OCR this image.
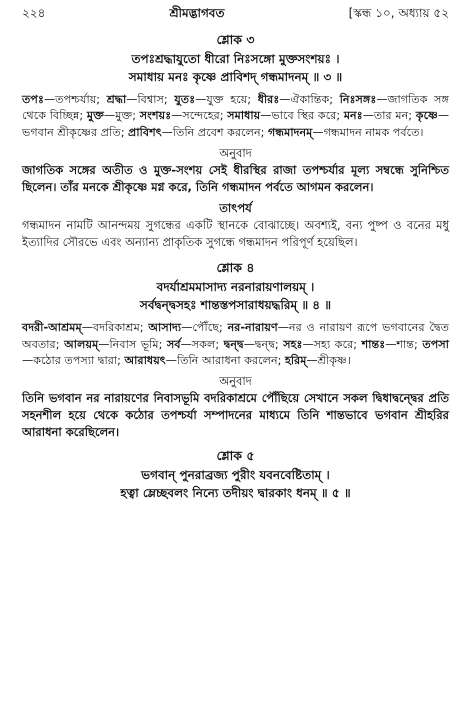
২২৪	শ্রীমদ্ভাগবত	[স্কন্ধ ১০, অধ্যায় ৫২
শ্লোক ৩
তপঃশ্রদ্ধাযুতো ধীরো নিঃসঙ্গো মুক্তসংশয়ঃ ।
সমাধায় মনঃ কৃষ্ণে প্রাবিশদ্ গন্ধমাদনম্ ॥ ৩ ॥
তপঃ—তপশ্চর্যায়; শ্রদ্ধা—বিশ্বাস; যুতঃ—যুক্ত হয়ে; ধীরঃ—ঐকান্তিক; নিঃসঙ্গঃ—জাগতিক সঙ্গ থেকে বিচ্ছিন্ন; মুক্ত—মুক্ত; সংশয়ঃ—সন্দেহের; সমাধায়—ভাবে স্থির করে; মনঃ—তার মন; কৃষ্ণে—ভগবান শ্রীকৃষ্ণের প্রতি; প্রাবিশৎ—তিনি প্রবেশ করলেন; গন্ধমাদনম্—গন্ধমাদন নামক পর্বতে।
অনুবাদ
জাগতিক সঙ্গের অতীত ও মুক্ত-সংশয় সেই ধীরস্থির রাজা তপশ্চর্যার মূল্য সম্বন্ধে সুনিশ্চিত ছিলেন। তাঁর মনকে শ্রীকৃষ্ণে মগ্ন করে, তিনি গন্ধমাদন পর্বতে আগমন করলেন।
তাৎপর্য
গন্ধমাদন নামটি আনন্দময় সুগন্ধের একটি স্থানকে বোঝাচ্ছে। অবশ্যই, বন্য পুষ্প ও বনের মধু ইত্যাদির সৌরভে এবং অন্যান্য প্রাকৃতিক সুগন্ধে গন্ধমাদন পরিপূর্ণ হয়েছিল।
শ্লোক ৪
বদর্যাশ্রমমাসাদ্য নরনারায়ণালয়ম্ ।
সর্বদ্বন্দ্বসহঃ শান্তস্তপসারাধয়দ্ধরিম্ ॥ ৪ ॥
বদরী-আশ্রমম্—বদরিকাশ্রম; আসাদ্য—পৌঁছে; নর-নারায়ণ—নর ও নারায়ণ রূপে ভগবানের দ্বৈত অবতার; আলয়ম্—নিবাস ভূমি; সর্ব—সকল; দ্বন্দ্ব—দ্বন্দ্ব; সহঃ—সহ্য করে; শান্তঃ—শান্ত; তপসা—কঠোর তপস্যা দ্বারা; আরাধয়ৎ—তিনি আরাধনা করলেন; হরিম্—শ্রীকৃষ্ণ।
অনুবাদ
তিনি ভগবান নর নারায়ণের নিবাসভূমি বদরিকাশ্রমে পৌঁছিয়ে সেখানে সকল দ্বিধাদ্বন্দ্বের প্রতি সহনশীল হয়ে থেকে কঠোর তপশ্চর্যা সম্পাদনের মাধ্যমে তিনি শান্তভাবে ভগবান শ্রীহরির আরাধনা করেছিলেন।
শ্লোক ৫
ভগবান্ পুনরাব্রজ্য পুরীং যবনবেষ্টিতাম্ ।
হত্বা ম্লেচ্ছবলং নিন্যে তদীয়ং দ্বারকাং ধনম্ ॥ ৫ ॥
